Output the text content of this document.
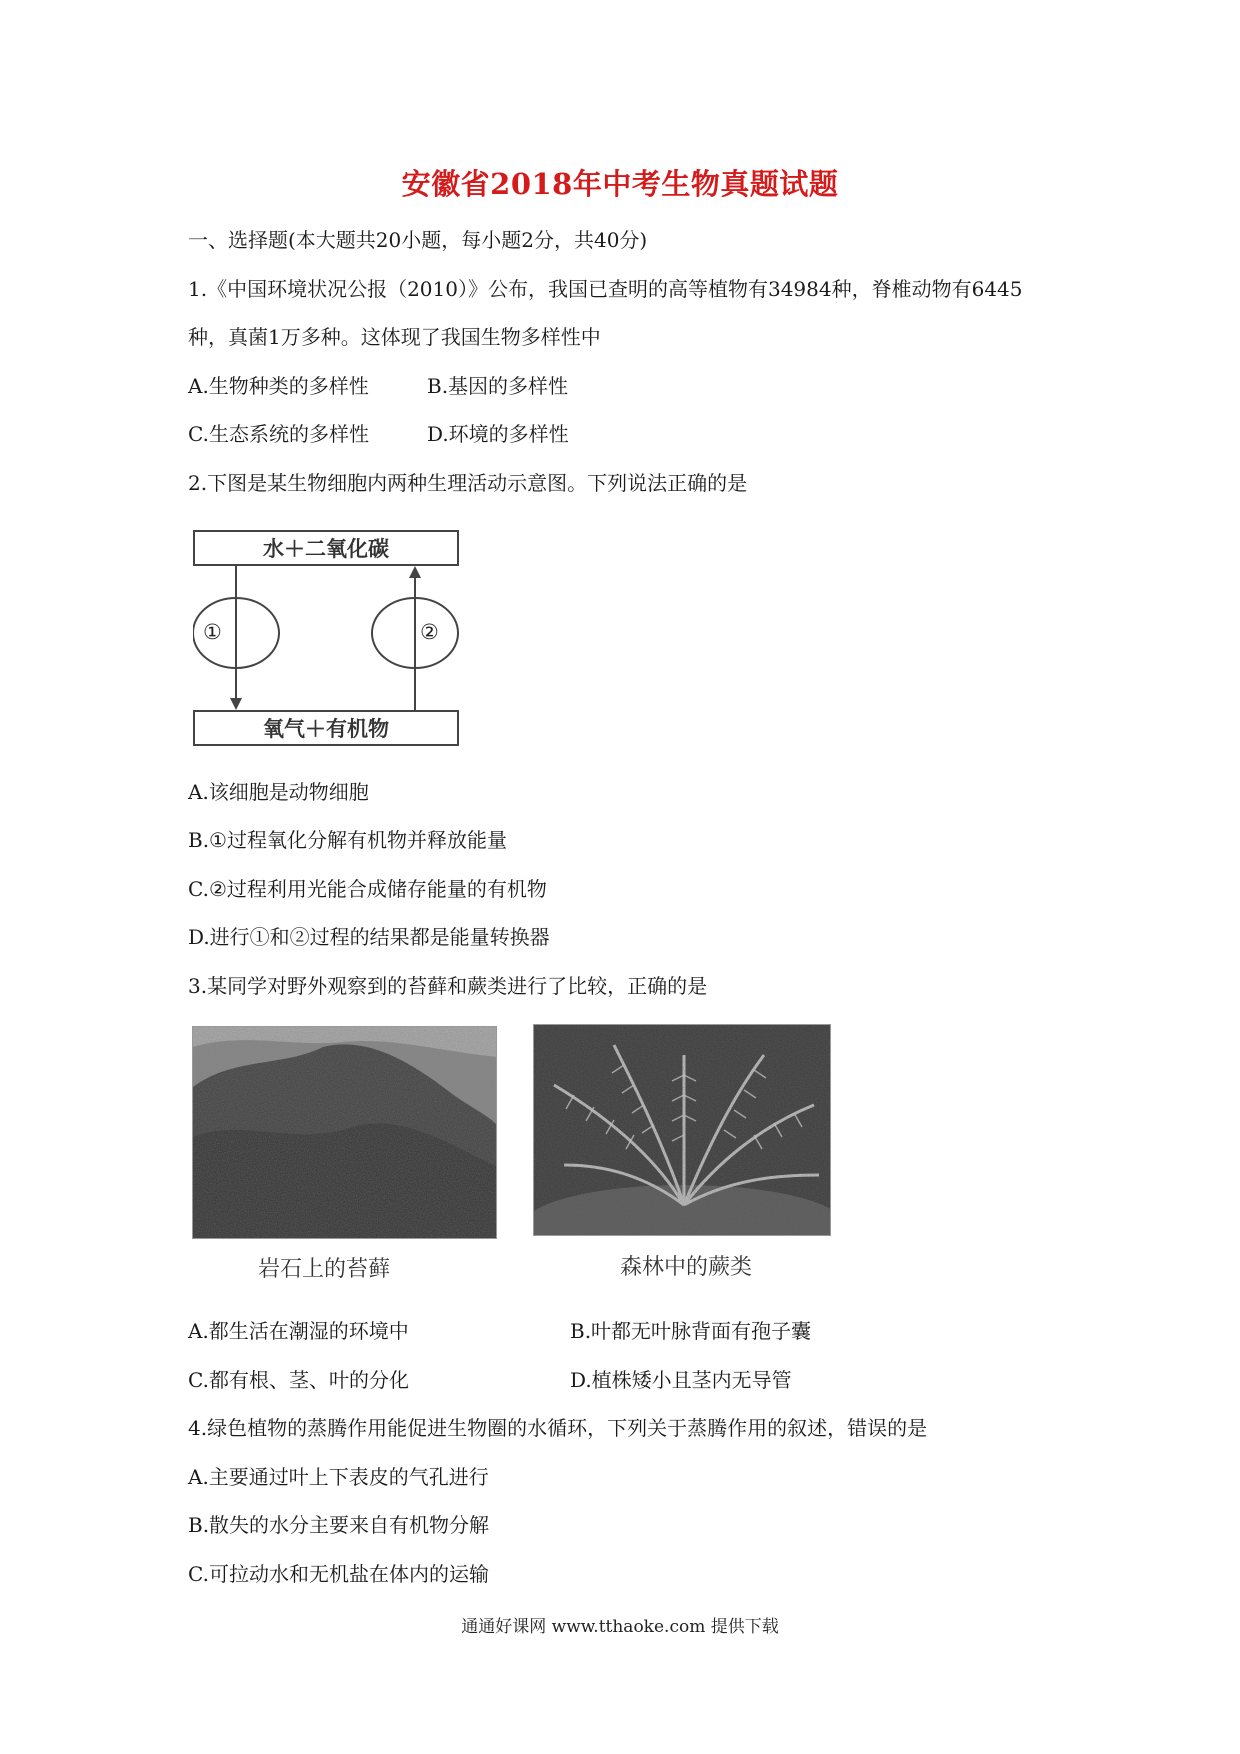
安徽省2018年中考生物真题试题
一、选择题(本大题共20小题，每小题2分，共40分)
1.《中国环境状况公报（2010）》公布，我国已查明的高等植物有34984种，脊椎动物有6445
种，真菌1万多种。这体现了我国生物多样性中
A.生物种类的多样性	B.基因的多样性
C.生态系统的多样性	D.环境的多样性
2.下图是某生物细胞内两种生理活动示意图。下列说法正确的是
水＋二氧化碳
氧气＋有机物
①	②
A.该细胞是动物细胞
B.①过程氧化分解有机物并释放能量
C.②过程利用光能合成储存能量的有机物
D.进行①和②过程的结果都是能量转换器
3.某同学对野外观察到的苔藓和蕨类进行了比较，正确的是
岩石上的苔藓	森林中的蕨类
A.都生活在潮湿的环境中	B.叶都无叶脉背面有孢子囊
C.都有根、茎、叶的分化	D.植株矮小且茎内无导管
4.绿色植物的蒸腾作用能促进生物圈的水循环，下列关于蒸腾作用的叙述，错误的是
A.主要通过叶上下表皮的气孔进行
B.散失的水分主要来自有机物分解
C.可拉动水和无机盐在体内的运输
通通好课网 www.tthaoke.com 提供下载
